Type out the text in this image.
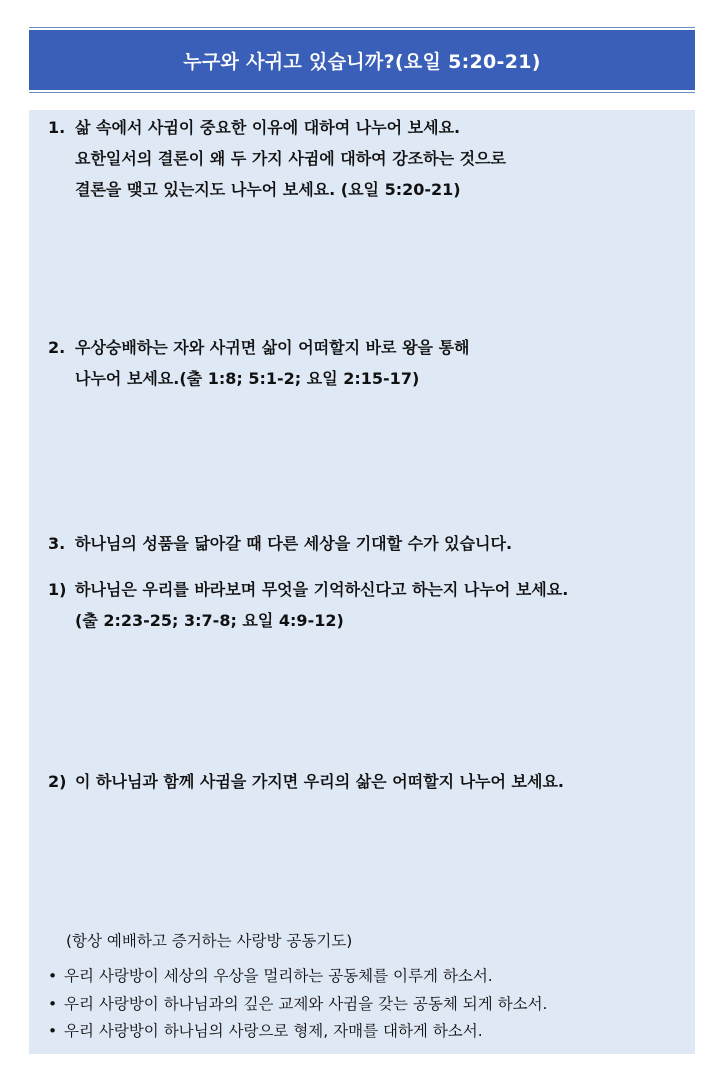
누구와 사귀고 있습니까?(요일 5:20-21)
1. 삶 속에서 사귐이 중요한 이유에 대하여 나누어 보세요.
요한일서의 결론이 왜 두 가지 사귐에 대하여 강조하는 것으로
결론을 맺고 있는지도 나누어 보세요. (요일 5:20-21)
2. 우상숭배하는 자와 사귀면 삶이 어떠할지 바로 왕을 통해
나누어 보세요.(출 1:8; 5:1-2; 요일 2:15-17)
3. 하나님의 성품을 닮아갈 때 다른 세상을 기대할 수가 있습니다.
1) 하나님은 우리를 바라보며 무엇을 기억하신다고 하는지 나누어 보세요.
(출 2:23-25; 3:7-8; 요일 4:9-12)
2) 이 하나님과 함께 사귐을 가지면 우리의 삶은 어떠할지 나누어 보세요.
(항상 예배하고 증거하는 사랑방 공동기도)
• 우리 사랑방이 세상의 우상을 멀리하는 공동체를 이루게 하소서.
• 우리 사랑방이 하나님과의 깊은 교제와 사귐을 갖는 공동체 되게 하소서.
• 우리 사랑방이 하나님의 사랑으로 형제, 자매를 대하게 하소서.
